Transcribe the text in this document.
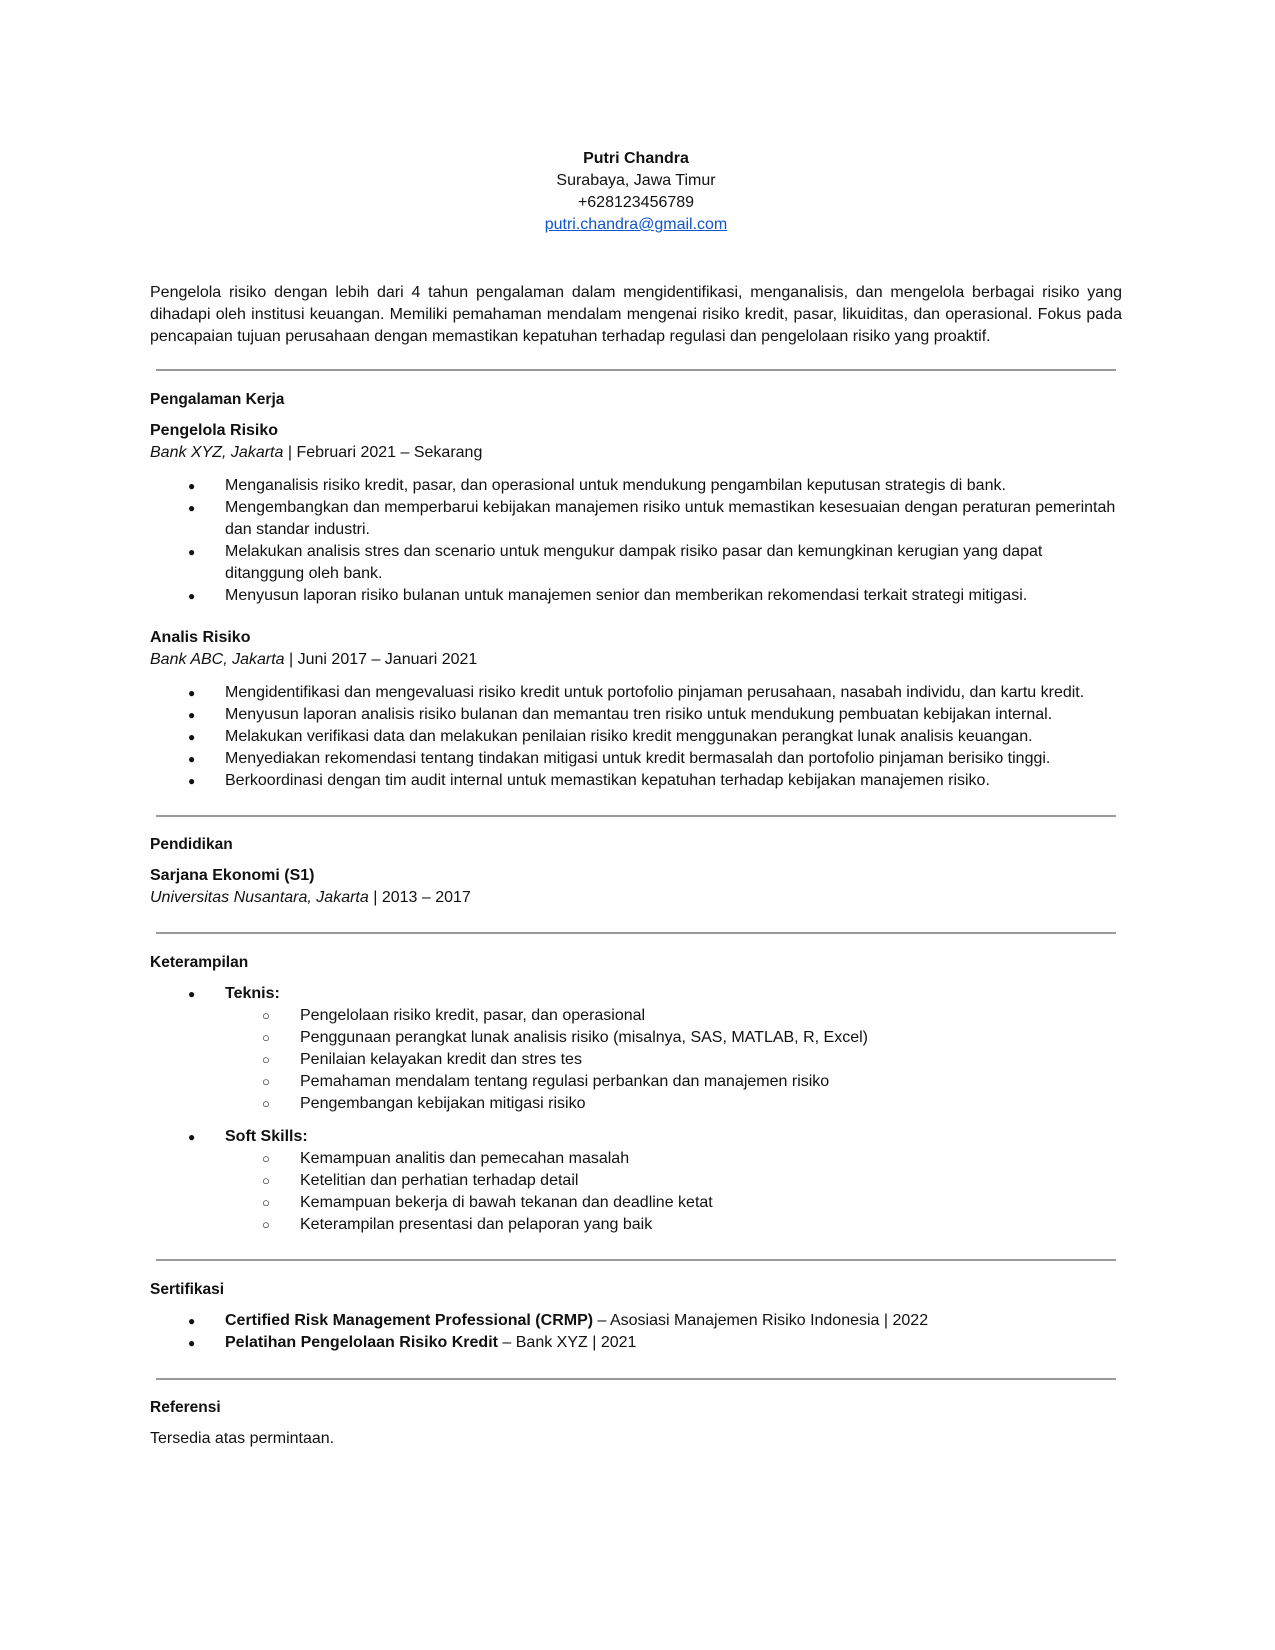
Putri Chandra
Surabaya, Jawa Timur
+628123456789
putri.chandra@gmail.com
Pengelola risiko dengan lebih dari 4 tahun pengalaman dalam mengidentifikasi, menganalisis, dan mengelola berbagai risiko yang dihadapi oleh institusi keuangan. Memiliki pemahaman mendalam mengenai risiko kredit, pasar, likuiditas, dan operasional. Fokus pada pencapaian tujuan perusahaan dengan memastikan kepatuhan terhadap regulasi dan pengelolaan risiko yang proaktif.
Pengalaman Kerja
Pengelola Risiko
Bank XYZ, Jakarta | Februari 2021 – Sekarang
● Menganalisis risiko kredit, pasar, dan operasional untuk mendukung pengambilan keputusan strategis di bank.
● Mengembangkan dan memperbarui kebijakan manajemen risiko untuk memastikan kesesuaian dengan peraturan pemerintah dan standar industri.
● Melakukan analisis stres dan scenario untuk mengukur dampak risiko pasar dan kemungkinan kerugian yang dapat ditanggung oleh bank.
● Menyusun laporan risiko bulanan untuk manajemen senior dan memberikan rekomendasi terkait strategi mitigasi.
Analis Risiko
Bank ABC, Jakarta | Juni 2017 – Januari 2021
● Mengidentifikasi dan mengevaluasi risiko kredit untuk portofolio pinjaman perusahaan, nasabah individu, dan kartu kredit.
● Menyusun laporan analisis risiko bulanan dan memantau tren risiko untuk mendukung pembuatan kebijakan internal.
● Melakukan verifikasi data dan melakukan penilaian risiko kredit menggunakan perangkat lunak analisis keuangan.
● Menyediakan rekomendasi tentang tindakan mitigasi untuk kredit bermasalah dan portofolio pinjaman berisiko tinggi.
● Berkoordinasi dengan tim audit internal untuk memastikan kepatuhan terhadap kebijakan manajemen risiko.
Pendidikan
Sarjana Ekonomi (S1)
Universitas Nusantara, Jakarta | 2013 – 2017
Keterampilan
● Teknis:
○ Pengelolaan risiko kredit, pasar, dan operasional
○ Penggunaan perangkat lunak analisis risiko (misalnya, SAS, MATLAB, R, Excel)
○ Penilaian kelayakan kredit dan stres tes
○ Pemahaman mendalam tentang regulasi perbankan dan manajemen risiko
○ Pengembangan kebijakan mitigasi risiko
● Soft Skills:
○ Kemampuan analitis dan pemecahan masalah
○ Ketelitian dan perhatian terhadap detail
○ Kemampuan bekerja di bawah tekanan dan deadline ketat
○ Keterampilan presentasi dan pelaporan yang baik
Sertifikasi
● Certified Risk Management Professional (CRMP) – Asosiasi Manajemen Risiko Indonesia | 2022
● Pelatihan Pengelolaan Risiko Kredit – Bank XYZ | 2021
Referensi
Tersedia atas permintaan.
